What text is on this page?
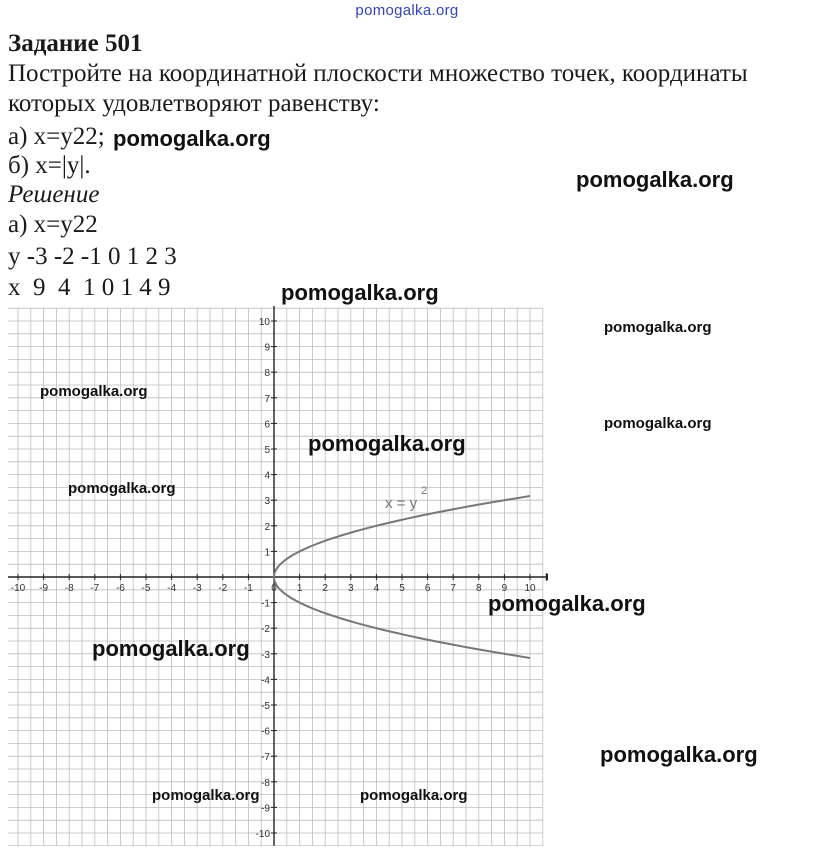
pomogalka.org
Задание 501
Постройте на координатной плоскости множество точек, координаты
которых удовлетворяют равенству:
а) x=y22;
б) x=|y|.
Решение
а) x=y22
y -3 -2 -1 0 1 2 3
x  9  4  1 0 1 4 9
-10 -9 -8 -7 -6 -5 -4 -3 -2 -1 0 1 2 3 4 5 6 7 8 9 10
-10
-9
-8
-7
-6
-5
-4
-3
-2
-1
1
2
3
4
5
6
7
8
9
10
x = y
2
pomogalka.org
pomogalka.org
pomogalka.org
pomogalka.org
pomogalka.org
pomogalka.org
pomogalka.org
pomogalka.org
pomogalka.org
pomogalka.org
pomogalka.org
pomogalka.org	pomogalka.org
